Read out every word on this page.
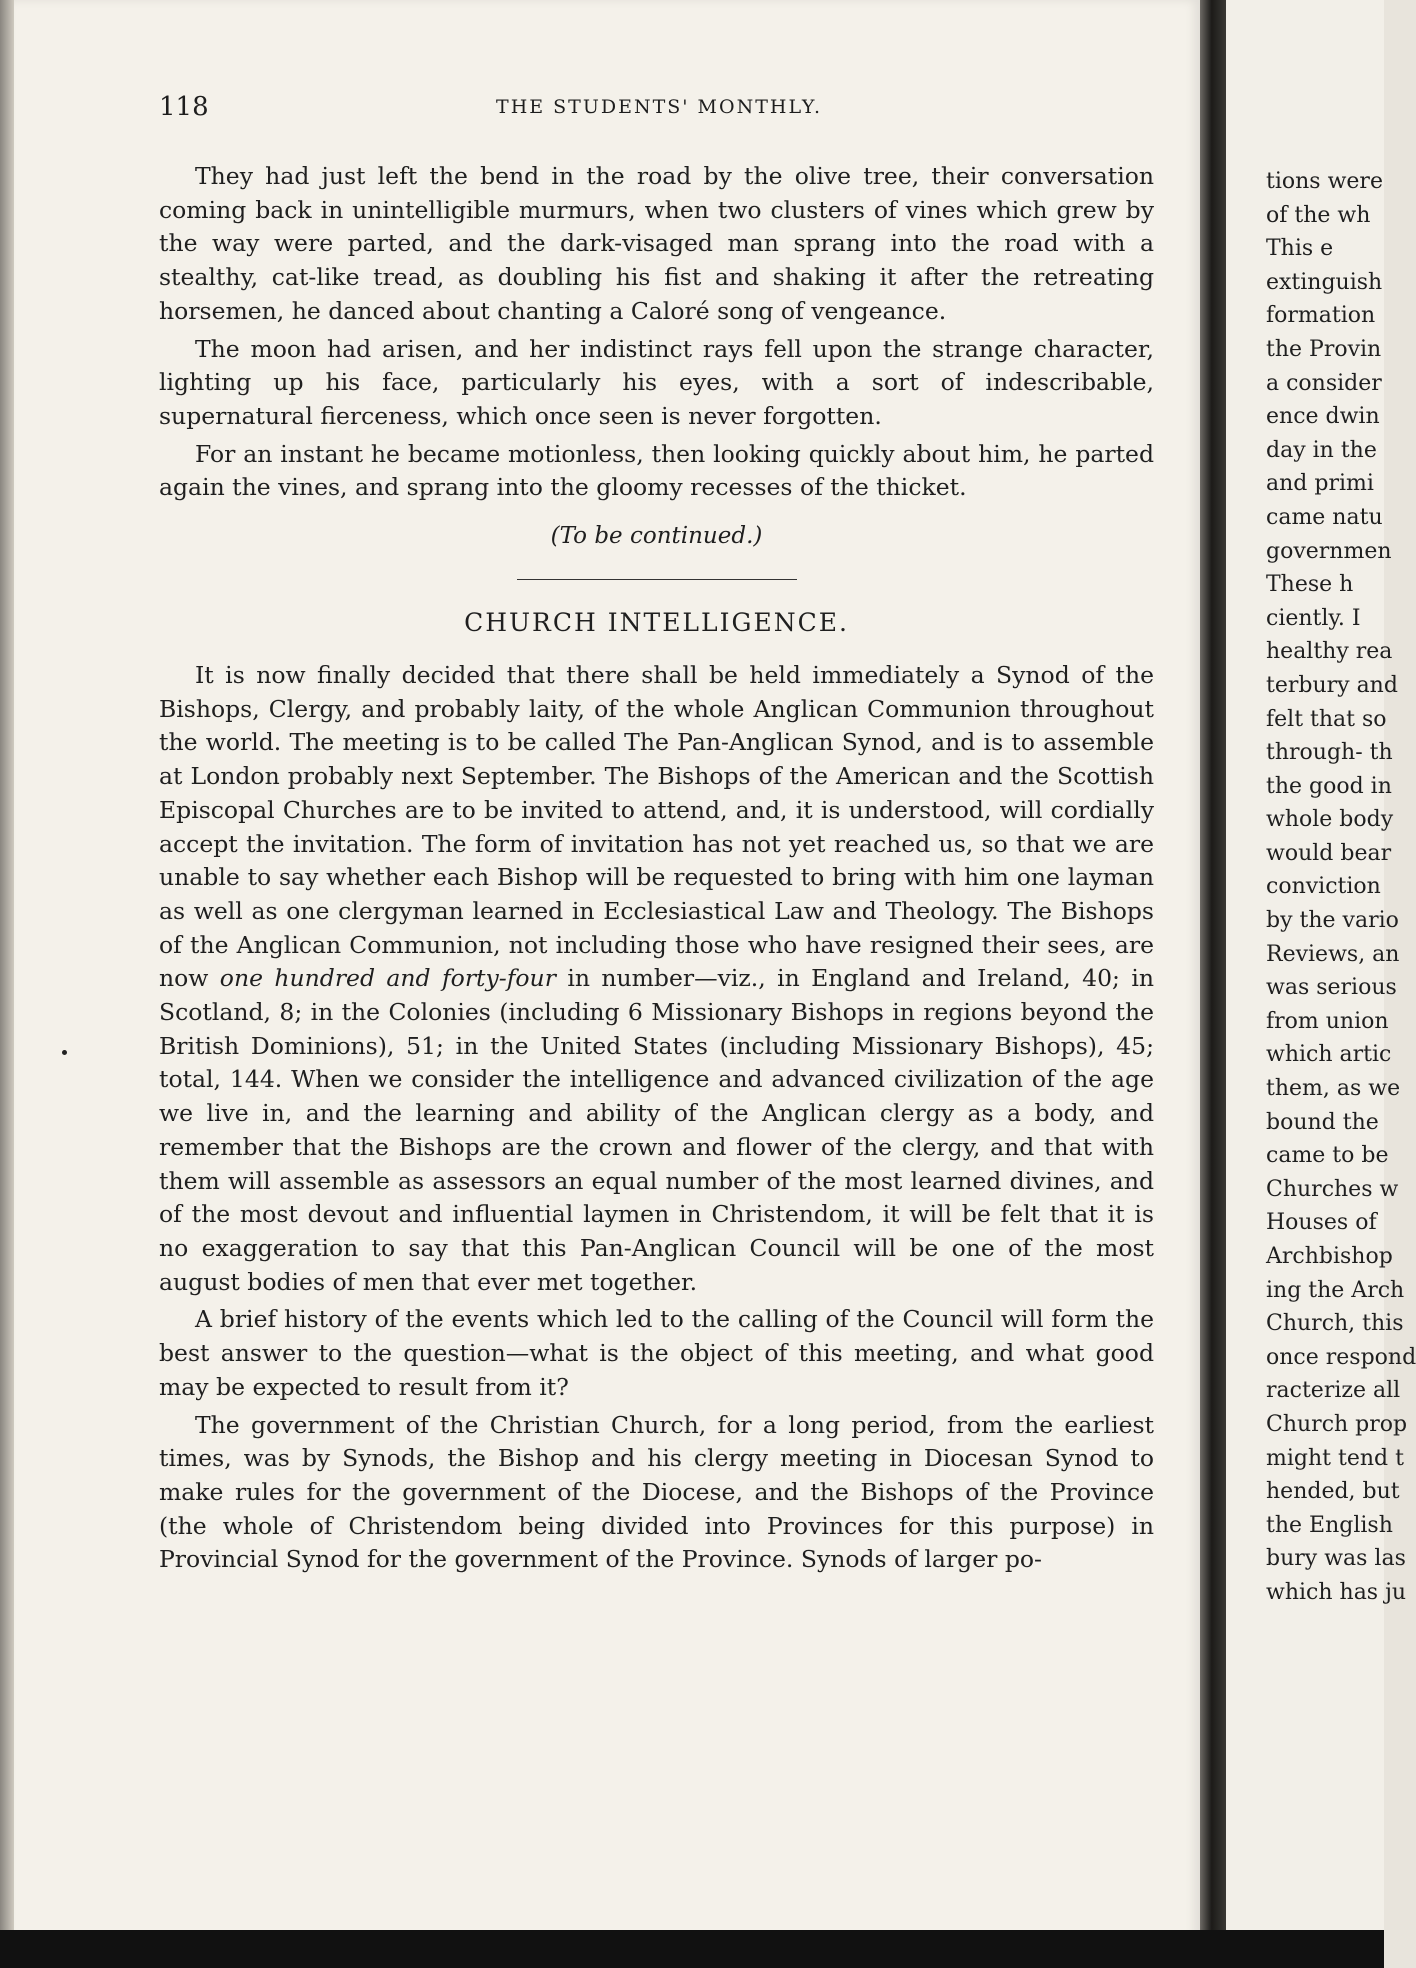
118	THE STUDENTS' MONTHLY.

They had just left the bend in the road by the olive tree, their conversation coming back in unintelligible murmurs, when two clusters of vines which grew by the way were parted, and the dark-visaged man sprang into the road with a stealthy, cat-like tread, as doubling his fist and shaking it after the retreating horsemen, he danced about chanting a Caloré song of vengeance.

The moon had arisen, and her indistinct rays fell upon the strange character, lighting up his face, particularly his eyes, with a sort of indescribable, supernatural fierceness, which once seen is never forgotten.

For an instant he became motionless, then looking quickly about him, he parted again the vines, and sprang into the gloomy recesses of the thicket.

(To be continued.)

CHURCH INTELLIGENCE.

It is now finally decided that there shall be held immediately a Synod of the Bishops, Clergy, and probably laity, of the whole Anglican Communion throughout the world. The meeting is to be called The Pan-Anglican Synod, and is to assemble at London probably next September. The Bishops of the American and the Scottish Episcopal Churches are to be invited to attend, and, it is understood, will cordially accept the invitation. The form of invitation has not yet reached us, so that we are unable to say whether each Bishop will be requested to bring with him one layman as well as one clergyman learned in Ecclesiastical Law and Theology. The Bishops of the Anglican Communion, not including those who have resigned their sees, are now one hundred and forty-four in number—viz., in England and Ireland, 40; in Scotland, 8; in the Colonies (including 6 Missionary Bishops in regions beyond the British Dominions), 51; in the United States (including Missionary Bishops), 45; total, 144. When we consider the intelligence and advanced civilization of the age we live in, and the learning and ability of the Anglican clergy as a body, and remember that the Bishops are the crown and flower of the clergy, and that with them will assemble as assessors an equal number of the most learned divines, and of the most devout and influential laymen in Christendom, it will be felt that it is no exaggeration to say that this Pan-Anglican Council will be one of the most august bodies of men that ever met together.

A brief history of the events which led to the calling of the Council will form the best answer to the question—what is the object of this meeting, and what good may be expected to result from it?

The government of the Christian Church, for a long period, from the earliest times, was by Synods, the Bishop and his clergy meeting in Diocesan Synod to make rules for the government of the Diocese, and the Bishops of the Province (the whole of Christendom being divided into Provinces for this purpose) in Provincial Synod for the government of the Province. Synods of larger po-

tions were
of the wh
This e
extinguish
formation
the Provin
a consider
ence dwin
day in the
and primi
came natu
governmen
These h
ciently. I
healthy rea
terbury and
felt that so
through- th
the good in
whole body
would bear
conviction
by the vario
Reviews, an
was serious
from union
which artic
them, as we
bound the
came to be
Churches w
Houses of
Archbishop
ing the Arch
Church, this
once respond
racterize all
Church prop
might tend t
hended, but
the English
bury was las
which has ju
